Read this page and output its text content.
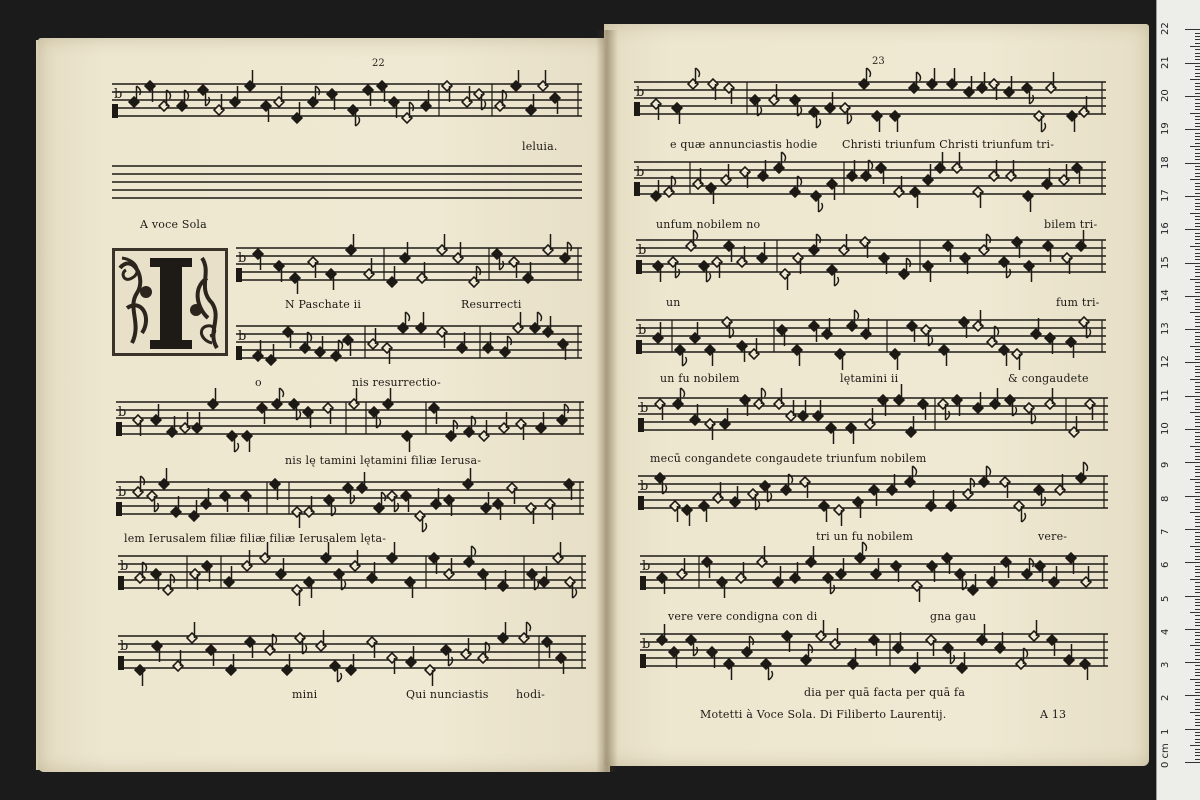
b
b
b
b
b
b
b
b
b
b
b
b
b
b
b
22	23
A voce Sola
leluia.
N Paschate ii	Resurrecti
o	nis resurrectio-
nis lę tamini lętamini filiæ Ierusa-
lem Ierusalem filiæ filiæ filiæ Ierusalem lęta-
mini	Qui nunciastis hodi-
e quæ annunciastis hodie Christi triunfum Christi triunfum tri-
unfum nobilem no	bilem tri-
un	fum tri-
un fu nobilem	lętamini ii	& congaudete
mecū congandete congaudete triunfum nobilem
tri un fu nobilem	vere-
vere vere condigna con di	gna gau
dia per quā facta per quā fa
Motetti à Voce Sola. Di Filiberto Laurentij.	A 13
0 cm
1
2
3
4
5
6
7
8
9
10
11
12
13
14
15
16
17
18
19
20
21
22
